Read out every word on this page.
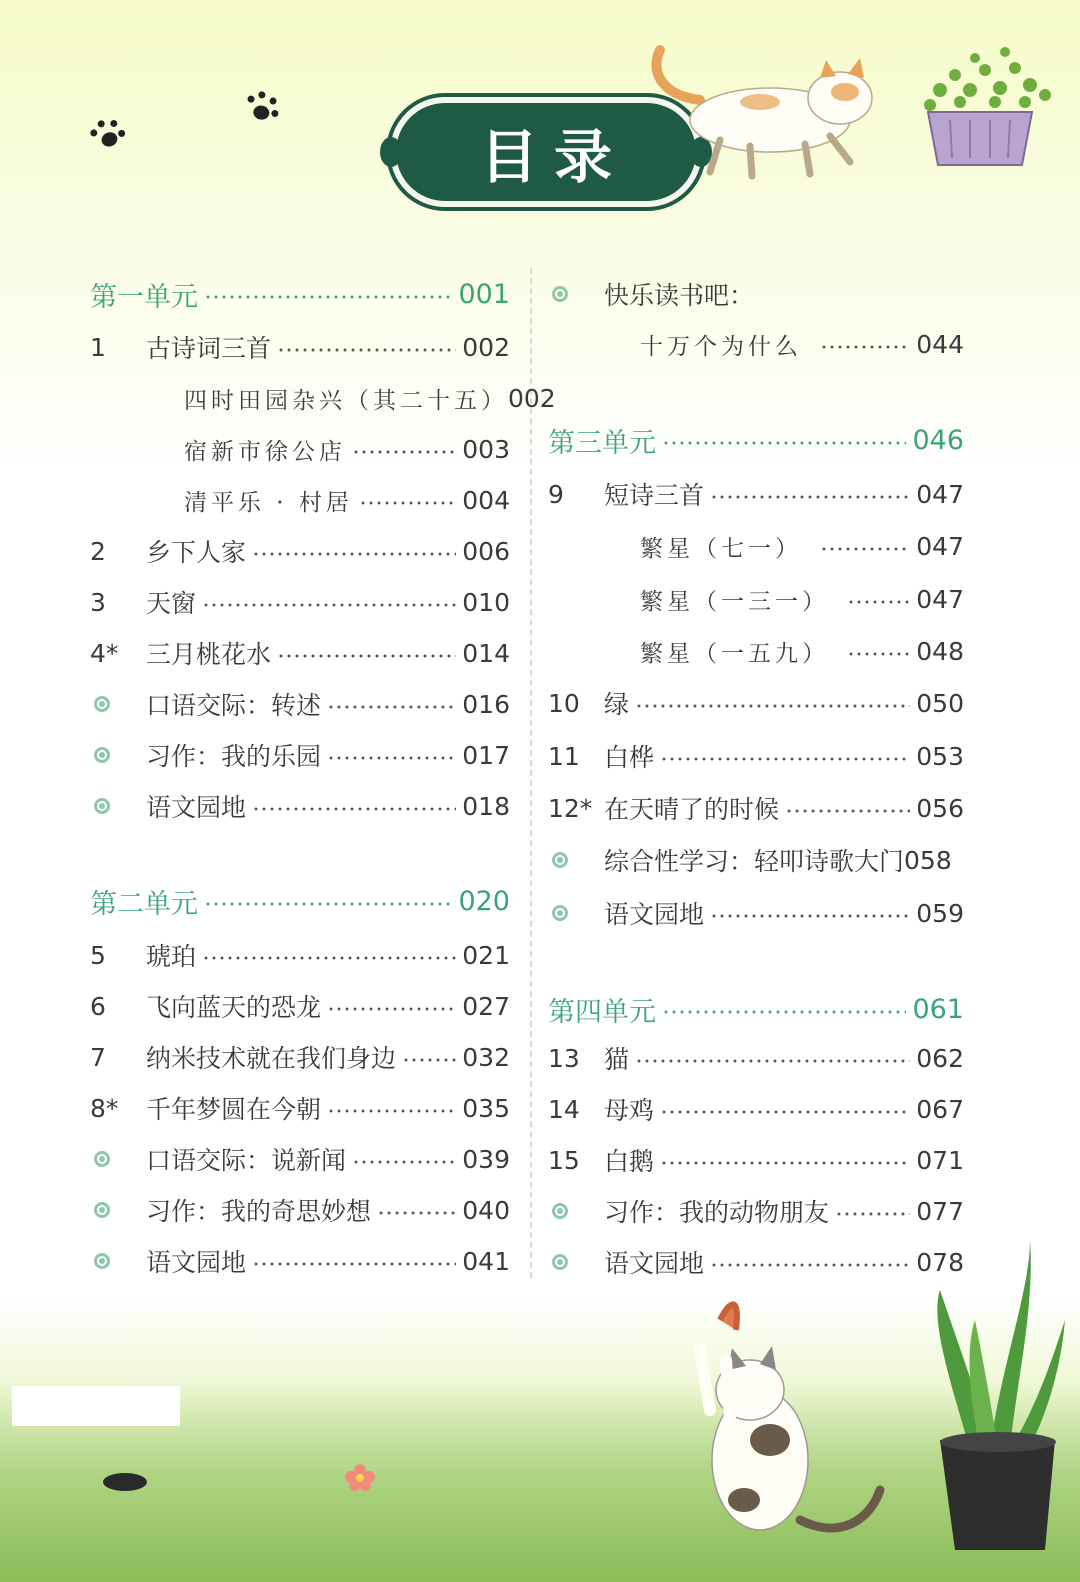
目录
第一单元	001
1	古诗词三首	002
四时田园杂兴（其二十五） 002
宿新市徐公店	003
清平乐 · 村居	004
2	乡下人家	006
3	天窗	010
4*	三月桃花水	014
口语交际：转述	016
习作：我的乐园	017
语文园地	018
第二单元	020
5	琥珀	021
6	飞向蓝天的恐龙	027
7	纳米技术就在我们身边	032
8*	千年梦圆在今朝	035
口语交际：说新闻	039
习作：我的奇思妙想	040
语文园地	041
快乐读书吧：
十万个为什么	044
第三单元	046
9	短诗三首	047
繁星（七一）	047
繁星（一三一）	047
繁星（一五九）	048
10 绿	050
11 白桦	053
12* 在天晴了的时候	056
综合性学习：轻叩诗歌大门 058
语文园地	059
第四单元	061
13 猫	062
14 母鸡	067
15 白鹅	071
习作：我的动物朋友	077
语文园地	078
